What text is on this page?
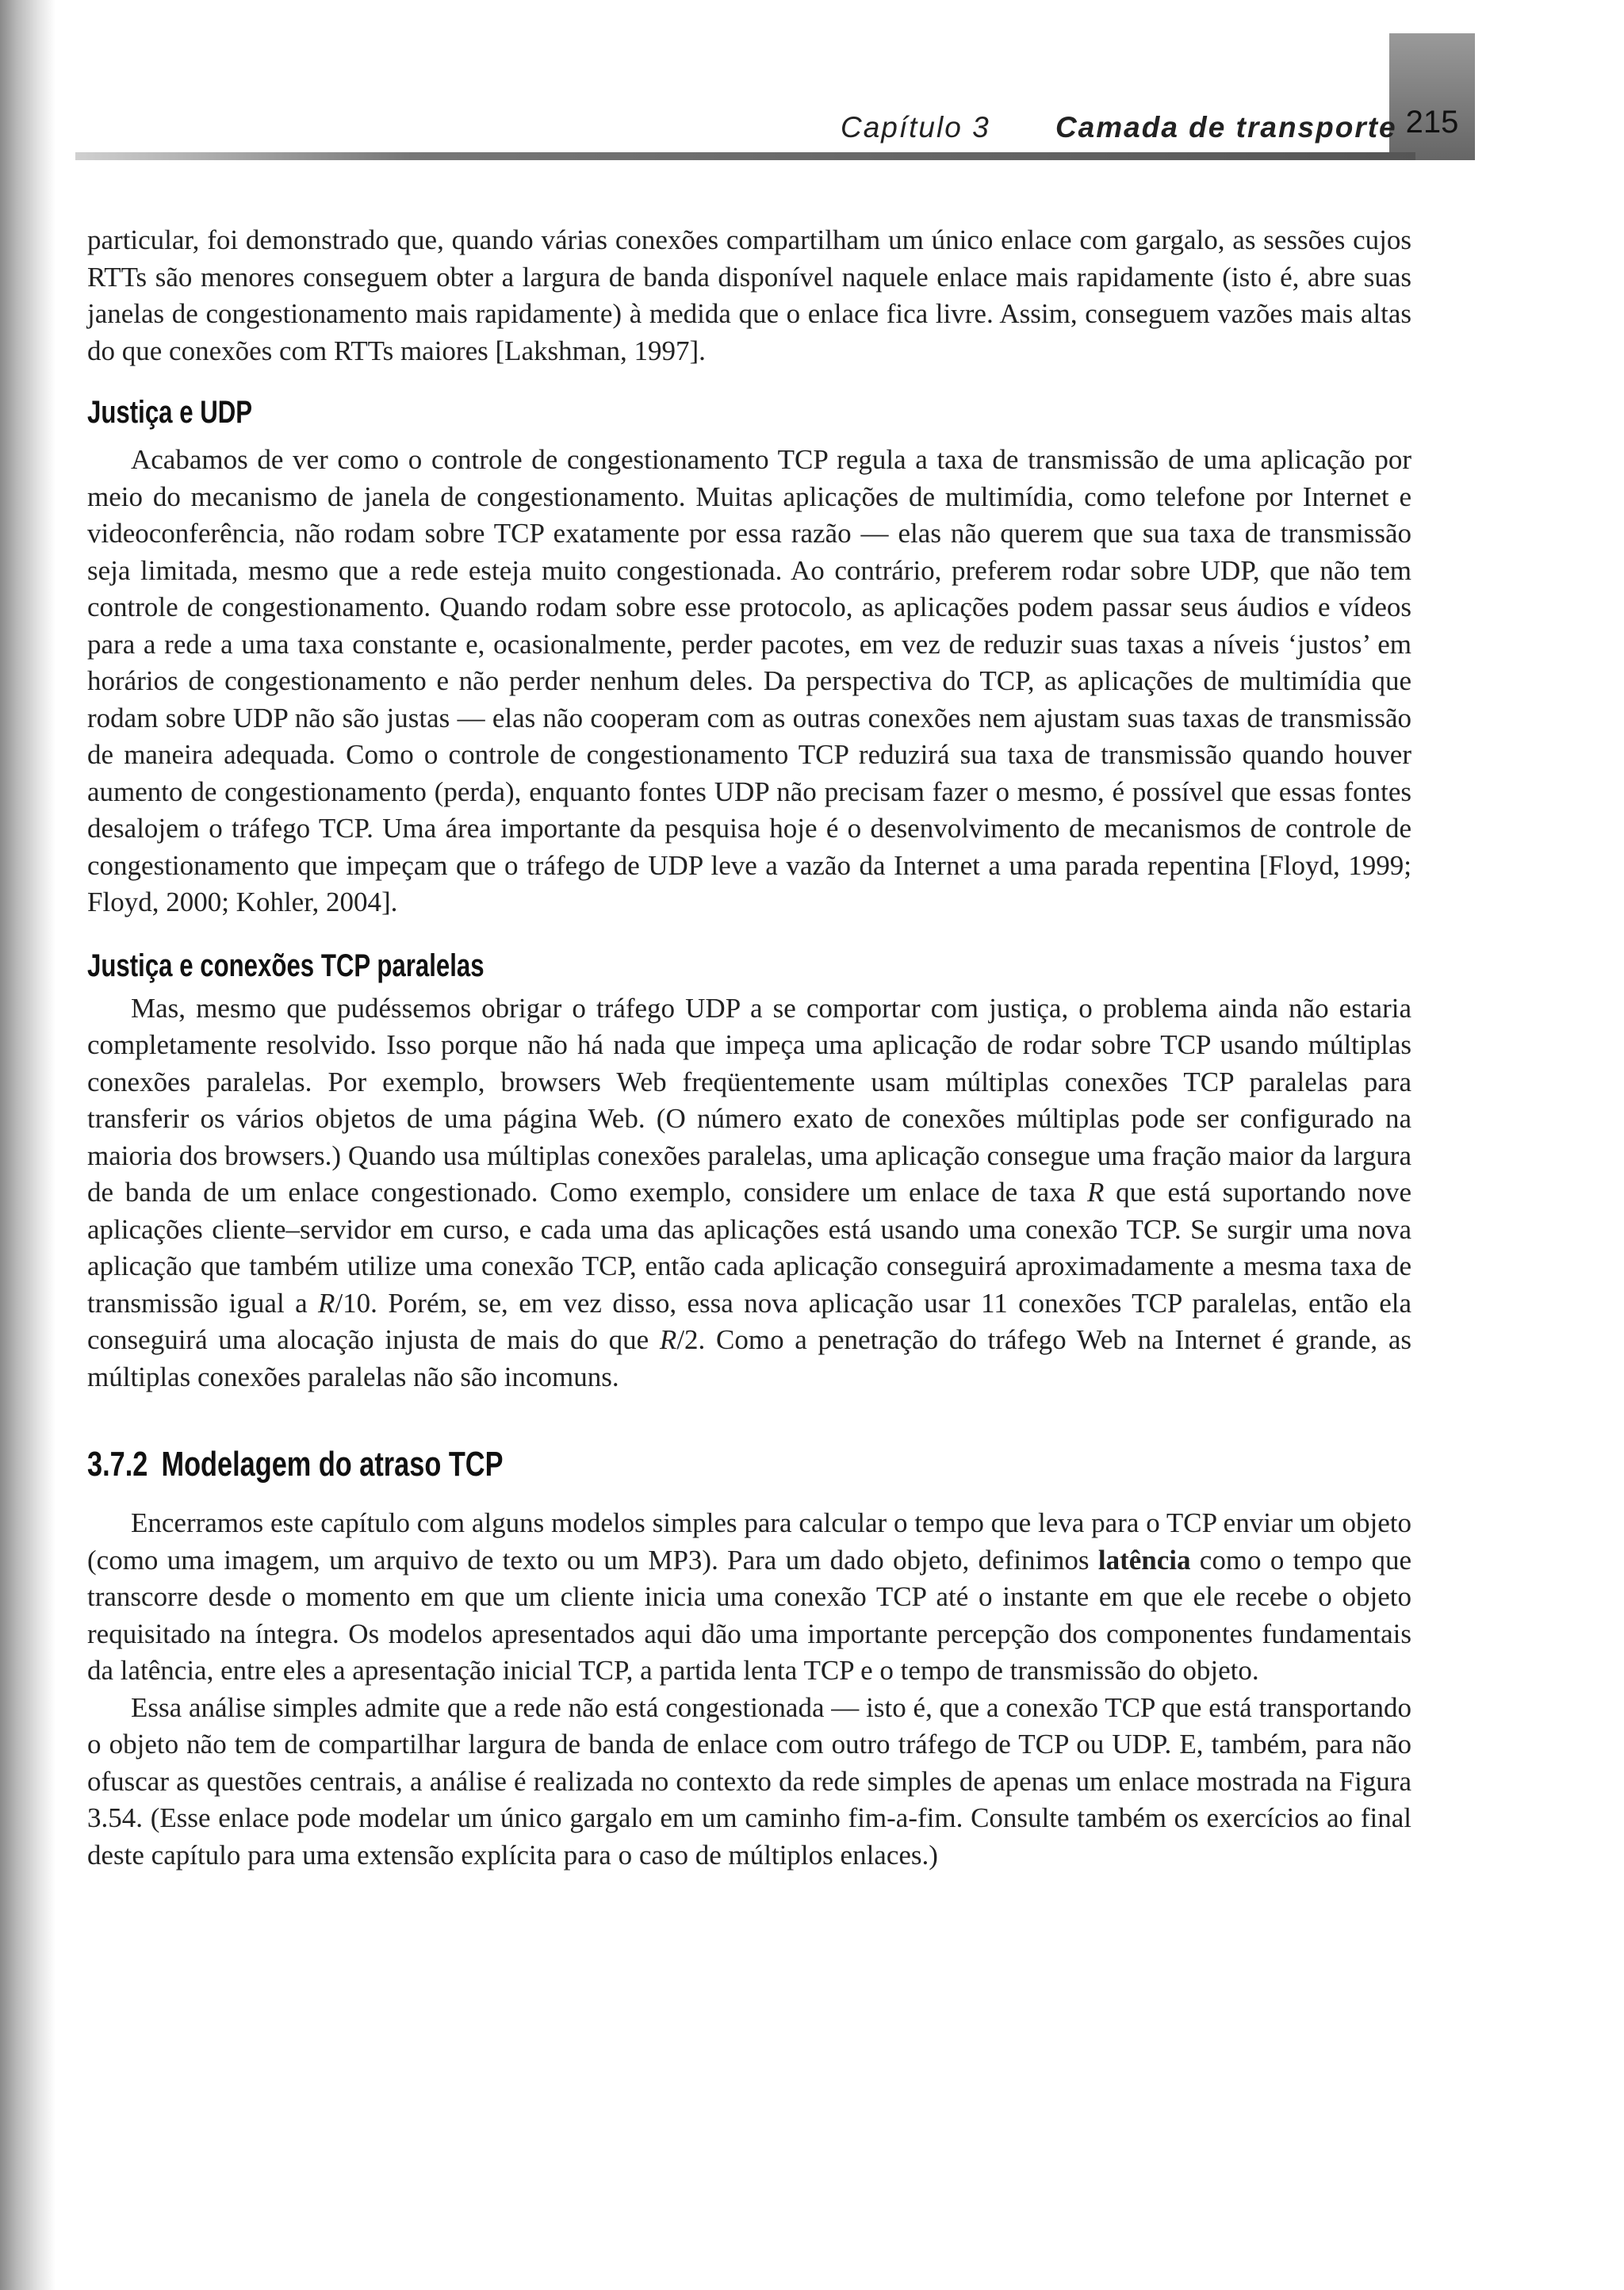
215
Capítulo 3 Camada de transporte

particular, foi demonstrado que, quando várias conexões compartilham um único enlace com gargalo, as sessões cujos RTTs são menores conseguem obter a largura de banda disponível naquele enlace mais rapidamente (isto é, abre suas janelas de congestionamento mais rapidamente) à medida que o enlace fica livre. Assim, conseguem vazões mais altas do que conexões com RTTs maiores [Lakshman, 1997].

Justiça e UDP

Acabamos de ver como o controle de congestionamento TCP regula a taxa de transmissão de uma aplicação por meio do mecanismo de janela de congestionamento. Muitas aplicações de multimídia, como telefone por Internet e videoconferência, não rodam sobre TCP exatamente por essa razão — elas não querem que sua taxa de transmissão seja limitada, mesmo que a rede esteja muito congestionada. Ao contrário, preferem rodar sobre UDP, que não tem controle de congestionamento. Quando rodam sobre esse protocolo, as aplicações podem passar seus áudios e vídeos para a rede a uma taxa constante e, ocasionalmente, perder pacotes, em vez de reduzir suas taxas a níveis ‘justos’ em horários de congestionamento e não perder nenhum deles. Da perspectiva do TCP, as aplicações de multimídia que rodam sobre UDP não são justas — elas não cooperam com as outras conexões nem ajustam suas taxas de transmissão de maneira adequada. Como o controle de congestionamento TCP reduzirá sua taxa de transmissão quando houver aumento de congestionamento (perda), enquanto fontes UDP não precisam fazer o mesmo, é possível que essas fontes desalojem o tráfego TCP. Uma área importante da pesquisa hoje é o desenvolvimento de mecanismos de controle de congestionamento que impeçam que o tráfego de UDP leve a vazão da Internet a uma parada repentina [Floyd, 1999; Floyd, 2000; Kohler, 2004].

Justiça e conexões TCP paralelas

Mas, mesmo que pudéssemos obrigar o tráfego UDP a se comportar com justiça, o problema ainda não estaria completamente resolvido. Isso porque não há nada que impeça uma aplicação de rodar sobre TCP usando múltiplas conexões paralelas. Por exemplo, browsers Web freqüentemente usam múltiplas conexões TCP paralelas para transferir os vários objetos de uma página Web. (O número exato de conexões múltiplas pode ser configurado na maioria dos browsers.) Quando usa múltiplas conexões paralelas, uma aplicação consegue uma fração maior da largura de banda de um enlace congestionado. Como exemplo, considere um enlace de taxa R que está suportando nove aplicações cliente–servidor em curso, e cada uma das aplicações está usando uma conexão TCP. Se surgir uma nova aplicação que também utilize uma conexão TCP, então cada aplicação conseguirá aproximadamente a mesma taxa de transmissão igual a R/10. Porém, se, em vez disso, essa nova aplicação usar 11 conexões TCP paralelas, então ela conseguirá uma alocação injusta de mais do que R/2. Como a penetração do tráfego Web na Internet é grande, as múltiplas conexões paralelas não são incomuns.

3.7.2 Modelagem do atraso TCP

Encerramos este capítulo com alguns modelos simples para calcular o tempo que leva para o TCP enviar um objeto (como uma imagem, um arquivo de texto ou um MP3). Para um dado objeto, definimos latência como o tempo que transcorre desde o momento em que um cliente inicia uma conexão TCP até o instante em que ele recebe o objeto requisitado na íntegra. Os modelos apresentados aqui dão uma importante percepção dos componentes fundamentais da latência, entre eles a apresentação inicial TCP, a partida lenta TCP e o tempo de transmissão do objeto.

Essa análise simples admite que a rede não está congestionada — isto é, que a conexão TCP que está transportando o objeto não tem de compartilhar largura de banda de enlace com outro tráfego de TCP ou UDP. E, também, para não ofuscar as questões centrais, a análise é realizada no contexto da rede simples de apenas um enlace mostrada na Figura 3.54. (Esse enlace pode modelar um único gargalo em um caminho fim-a-fim. Consulte também os exercícios ao final deste capítulo para uma extensão explícita para o caso de múltiplos enlaces.)
